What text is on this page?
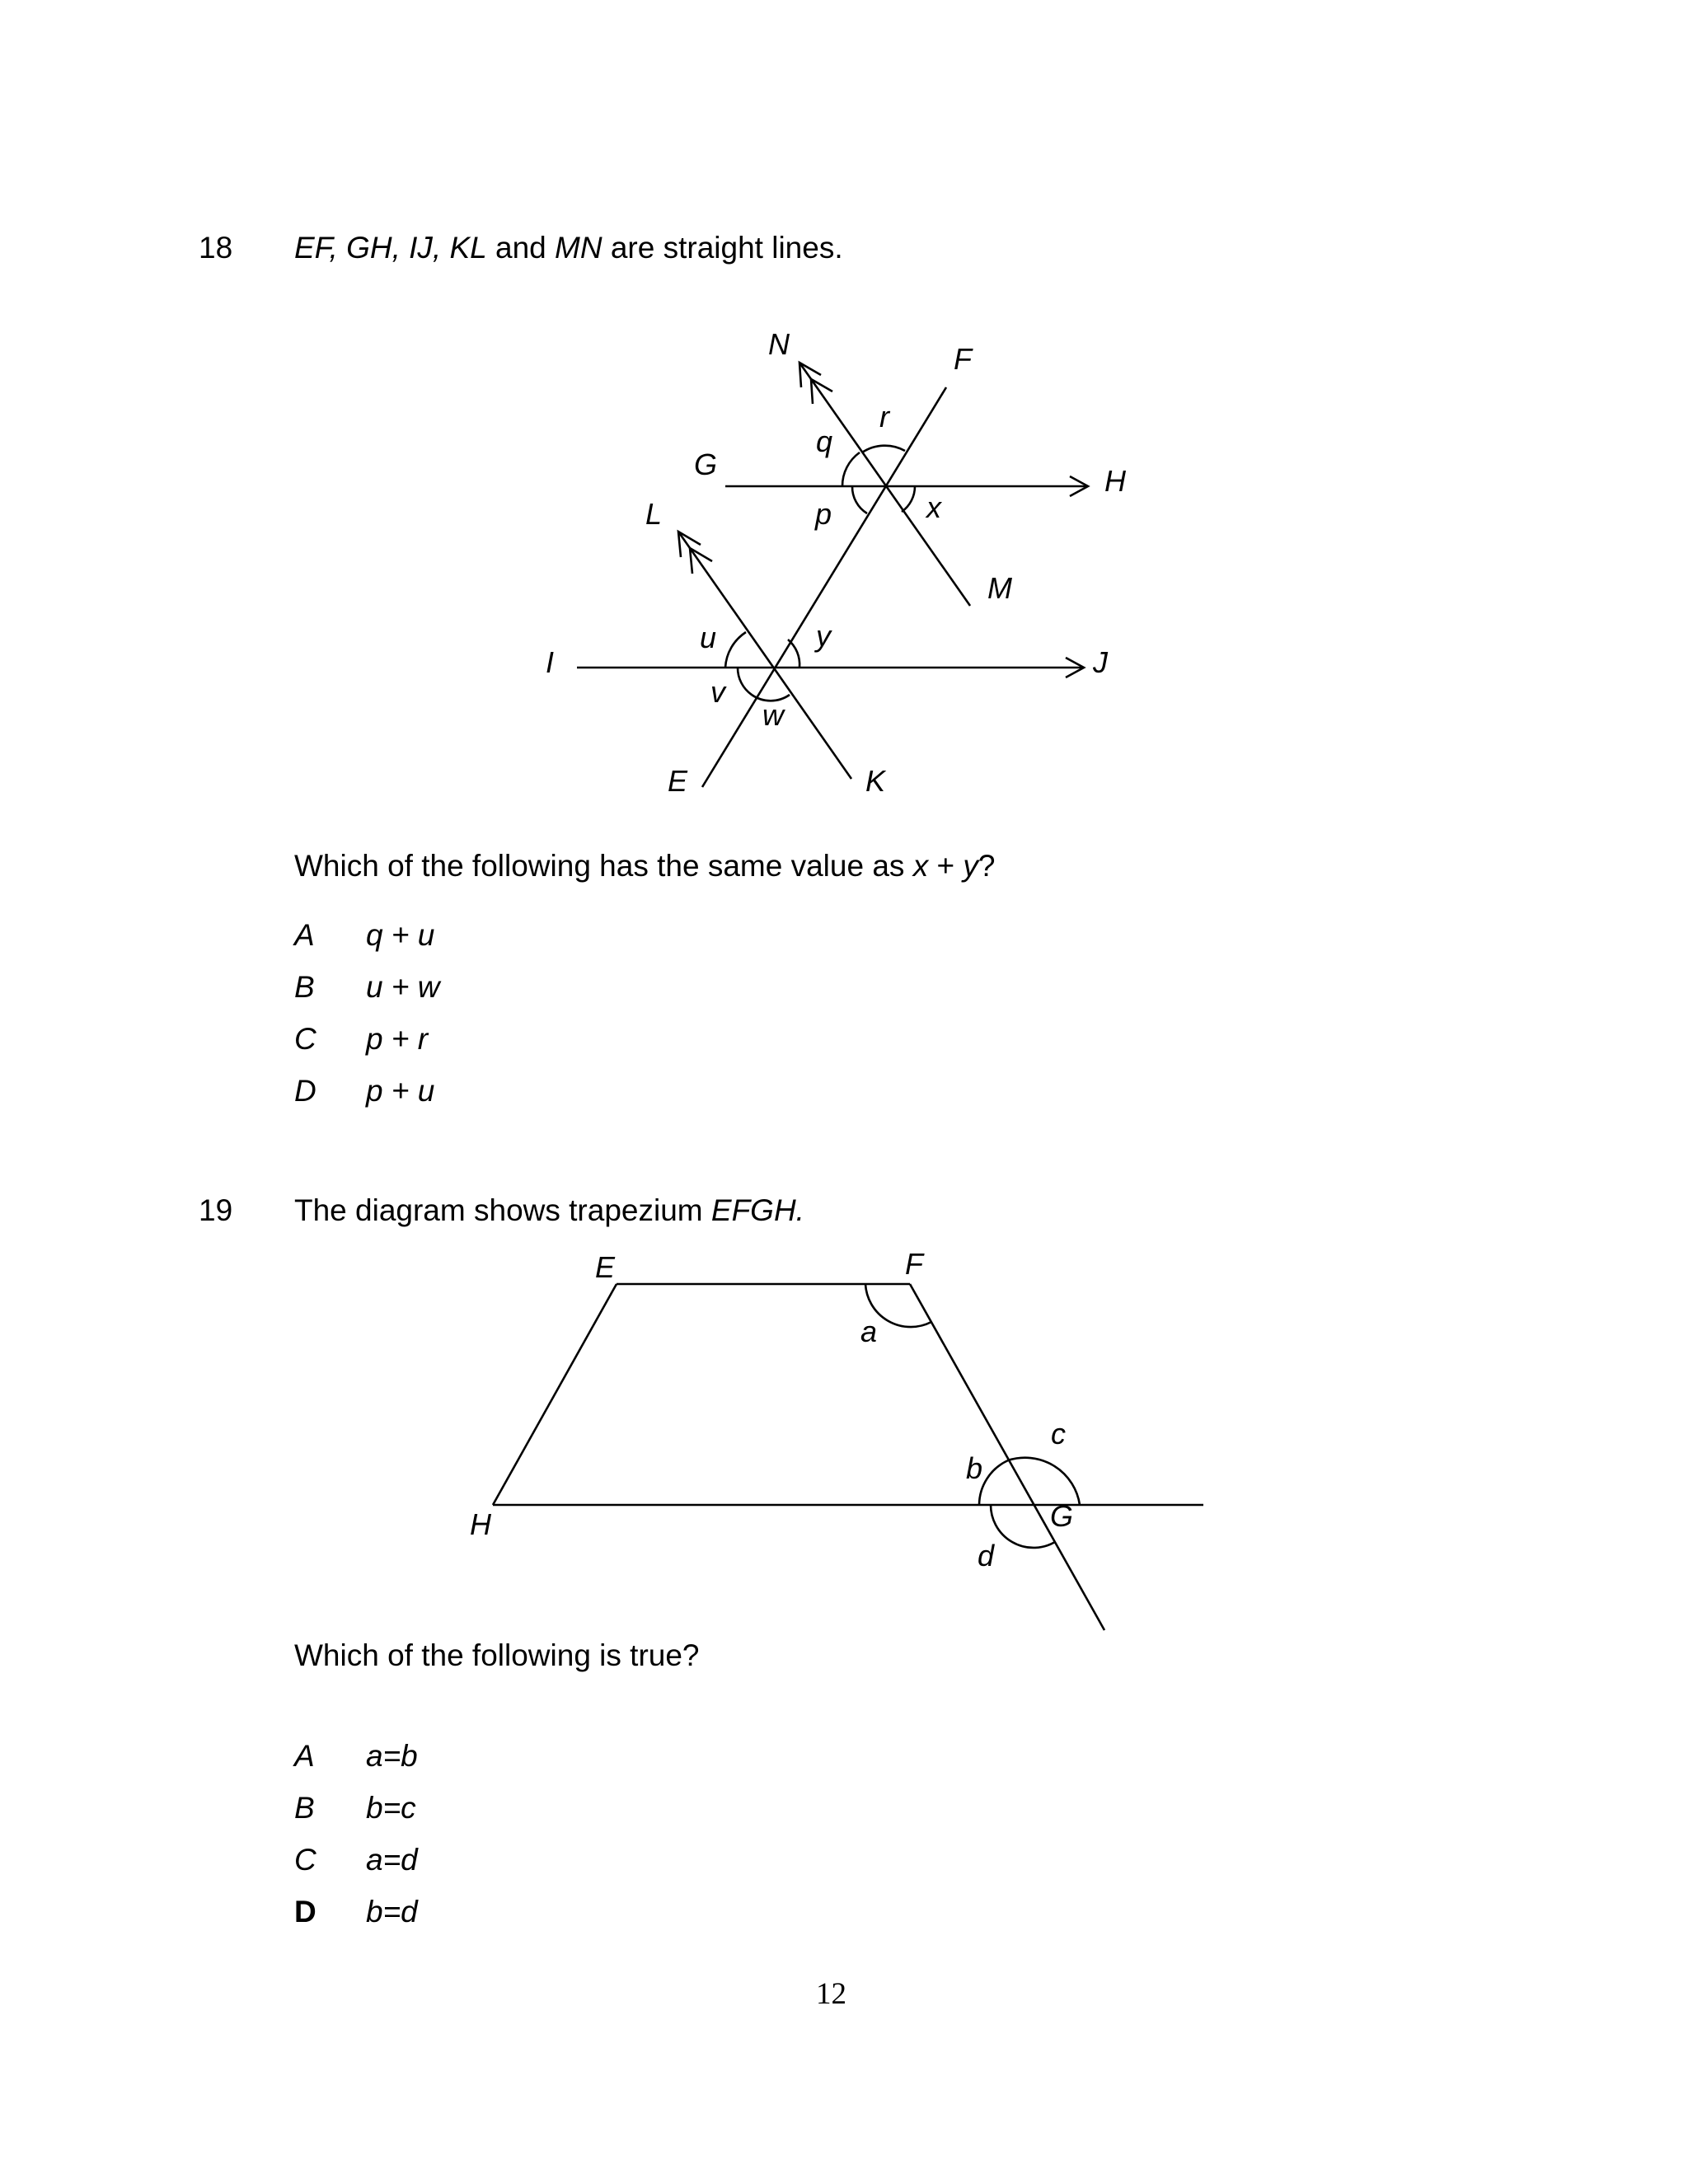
18 EF, GH, IJ, KL and MN are straight lines.
N	F
G	H
L
M
I	J
E	K
q
r
p	x
u	y
v
w
Which of the following has the same value as x + y?
A q + u
B u + w
C p + r
D p + u
19 The diagram shows trapezium EFGH.
E	F
H	G
a
b
c
d
Which of the following is true?
A a=b
B b=c
C a=d
D b=d
12
